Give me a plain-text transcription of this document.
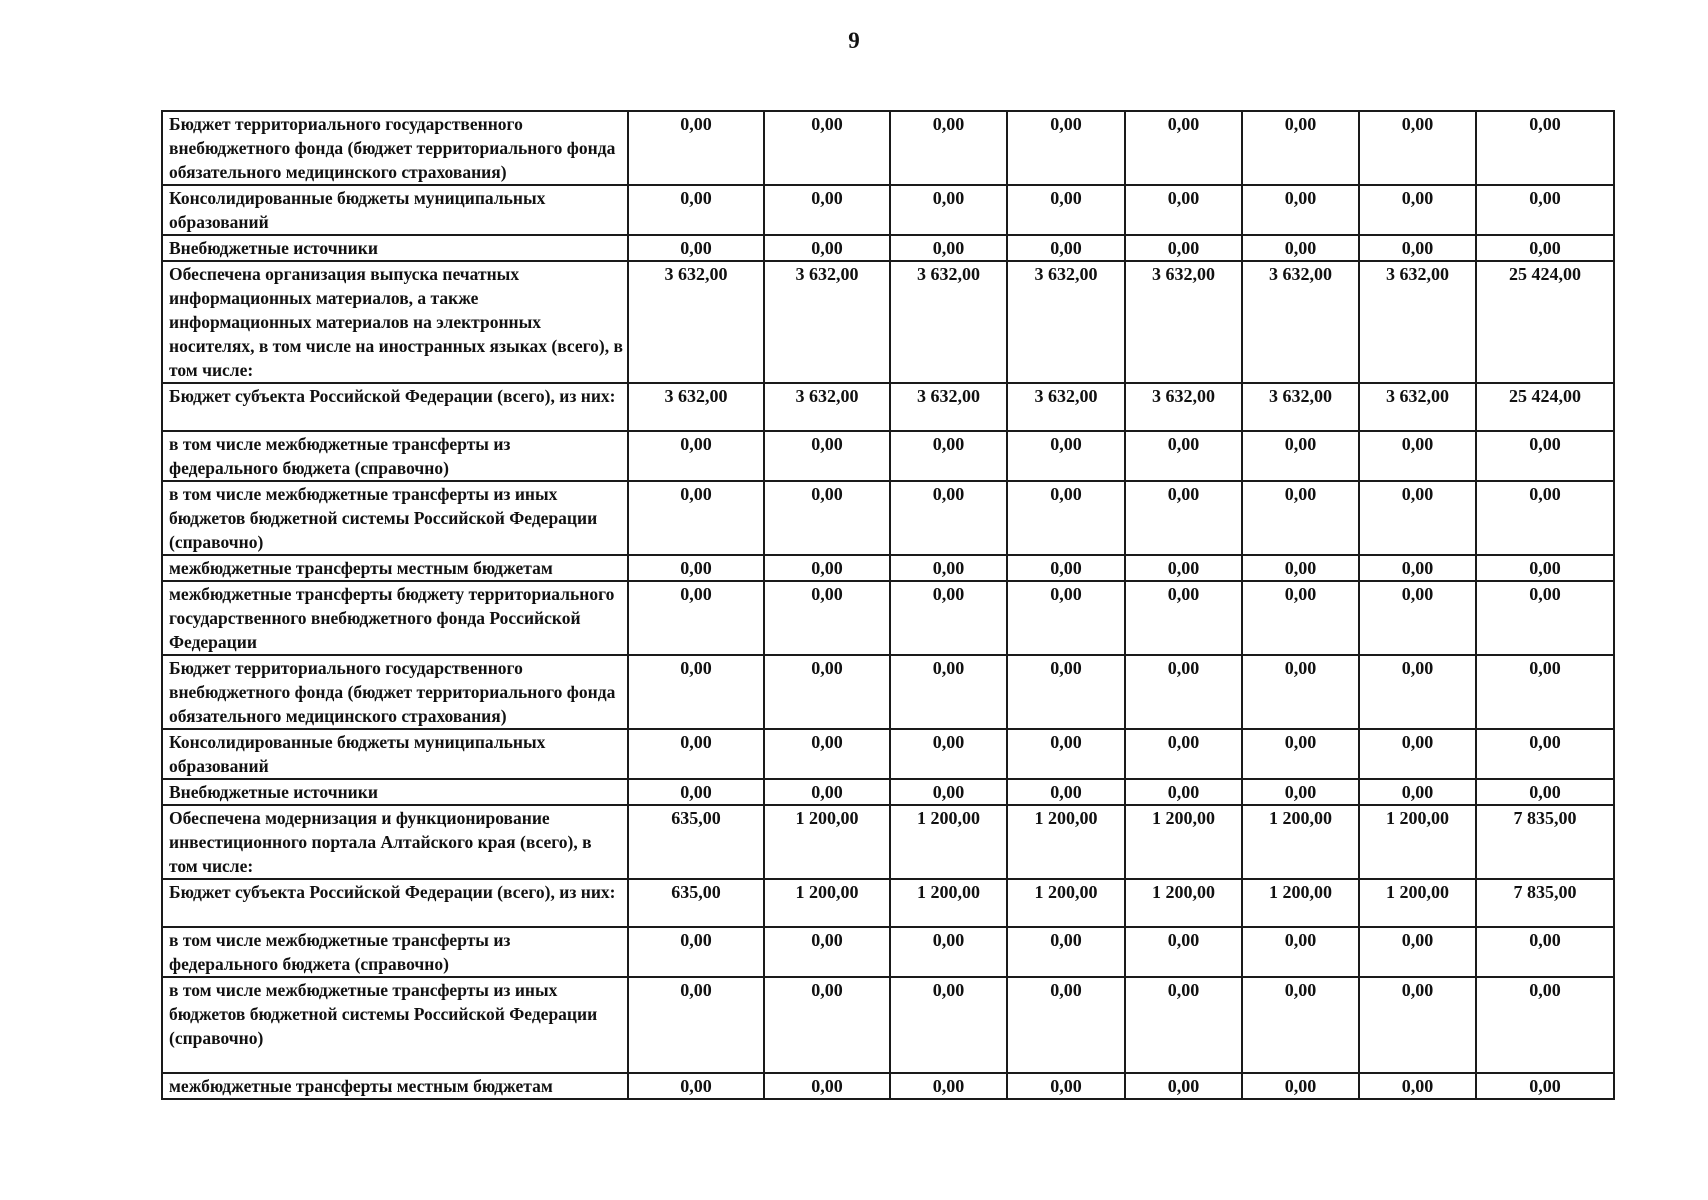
9
Бюджет территориального государственного внебюджетного фонда (бюджет территориального фонда обязательного медицинского страхования)	0,00	0,00	0,00	0,00	0,00	0,00	0,00	0,00
Консолидированные бюджеты муниципальных образований	0,00	0,00	0,00	0,00	0,00	0,00	0,00	0,00
Внебюджетные источники	0,00	0,00	0,00	0,00	0,00	0,00	0,00	0,00
Обеспечена организация выпуска печатных информационных материалов, а также информационных материалов на электронных носителях, в том числе на иностранных языках (всего), в том числе:	3 632,00	3 632,00	3 632,00	3 632,00	3 632,00	3 632,00	3 632,00	25 424,00
Бюджет субъекта Российской Федерации (всего), из них:	3 632,00	3 632,00	3 632,00	3 632,00	3 632,00	3 632,00	3 632,00	25 424,00
в том числе межбюджетные трансферты из федерального бюджета (справочно)	0,00	0,00	0,00	0,00	0,00	0,00	0,00	0,00
в том числе межбюджетные трансферты из иных бюджетов бюджетной системы Российской Федерации (справочно)	0,00	0,00	0,00	0,00	0,00	0,00	0,00	0,00
межбюджетные трансферты местным бюджетам	0,00	0,00	0,00	0,00	0,00	0,00	0,00	0,00
межбюджетные трансферты бюджету территориального государственного внебюджетного фонда Российской Федерации	0,00	0,00	0,00	0,00	0,00	0,00	0,00	0,00
Бюджет территориального государственного внебюджетного фонда (бюджет территориального фонда обязательного медицинского страхования)	0,00	0,00	0,00	0,00	0,00	0,00	0,00	0,00
Консолидированные бюджеты муниципальных образований	0,00	0,00	0,00	0,00	0,00	0,00	0,00	0,00
Внебюджетные источники	0,00	0,00	0,00	0,00	0,00	0,00	0,00	0,00
Обеспечена модернизация и функционирование инвестиционного портала Алтайского края (всего), в том числе:	635,00	1 200,00	1 200,00	1 200,00	1 200,00	1 200,00	1 200,00	7 835,00
Бюджет субъекта Российской Федерации (всего), из них:	635,00	1 200,00	1 200,00	1 200,00	1 200,00	1 200,00	1 200,00	7 835,00
в том числе межбюджетные трансферты из федерального бюджета (справочно)	0,00	0,00	0,00	0,00	0,00	0,00	0,00	0,00
в том числе межбюджетные трансферты из иных бюджетов бюджетной системы Российской Федерации (справочно)	0,00	0,00	0,00	0,00	0,00	0,00	0,00	0,00
межбюджетные трансферты местным бюджетам	0,00	0,00	0,00	0,00	0,00	0,00	0,00	0,00
